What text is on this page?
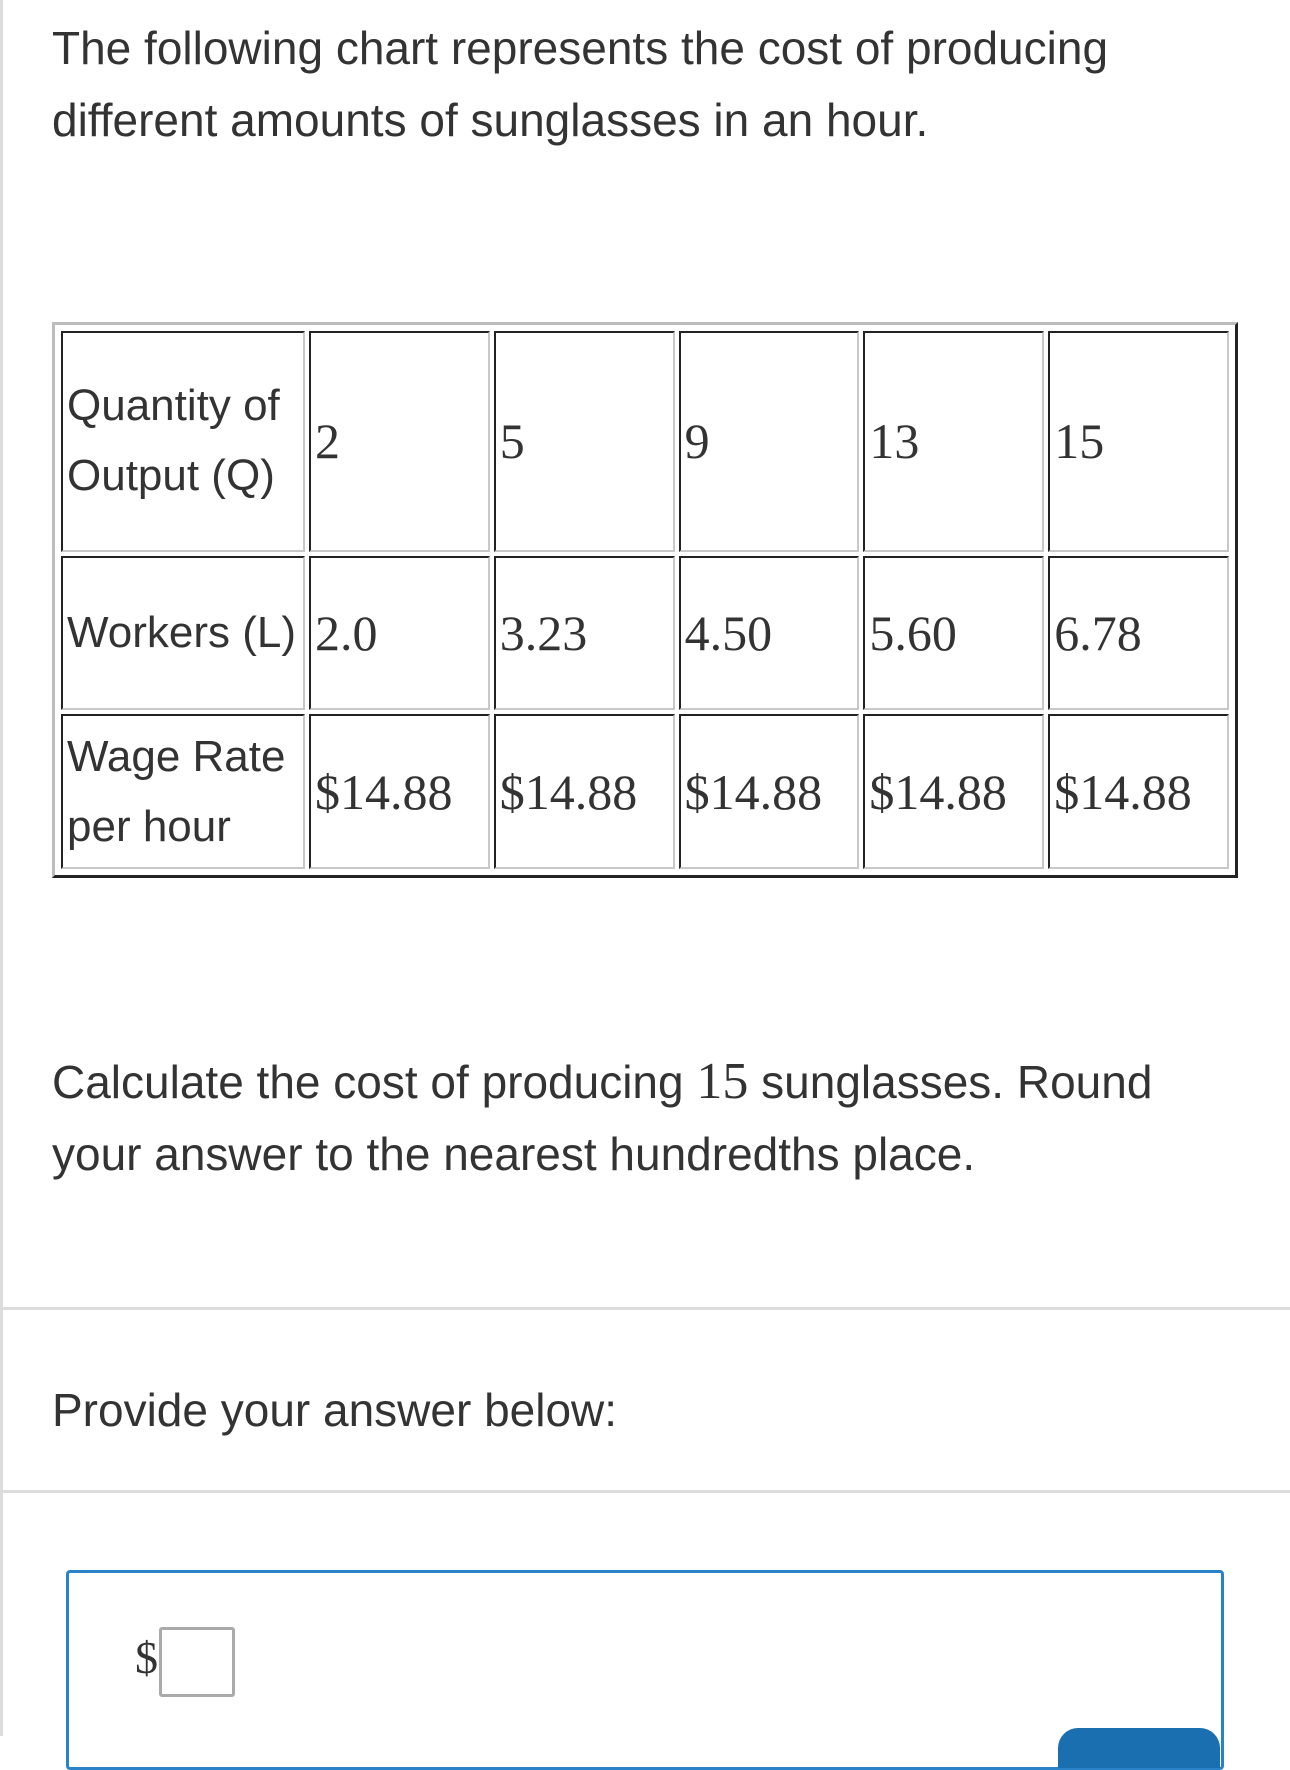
The following chart represents the cost of producing different amounts of sunglasses in an hour.

Quantity of Output (Q)	2	5	9	13	15
Workers (L)	2.0	3.23	4.50	5.60	6.78
Wage Rate per hour	$14.88	$14.88	$14.88	$14.88	$14.88

Calculate the cost of producing 15 sunglasses. Round your answer to the nearest hundredths place.

Provide your answer below:

$
